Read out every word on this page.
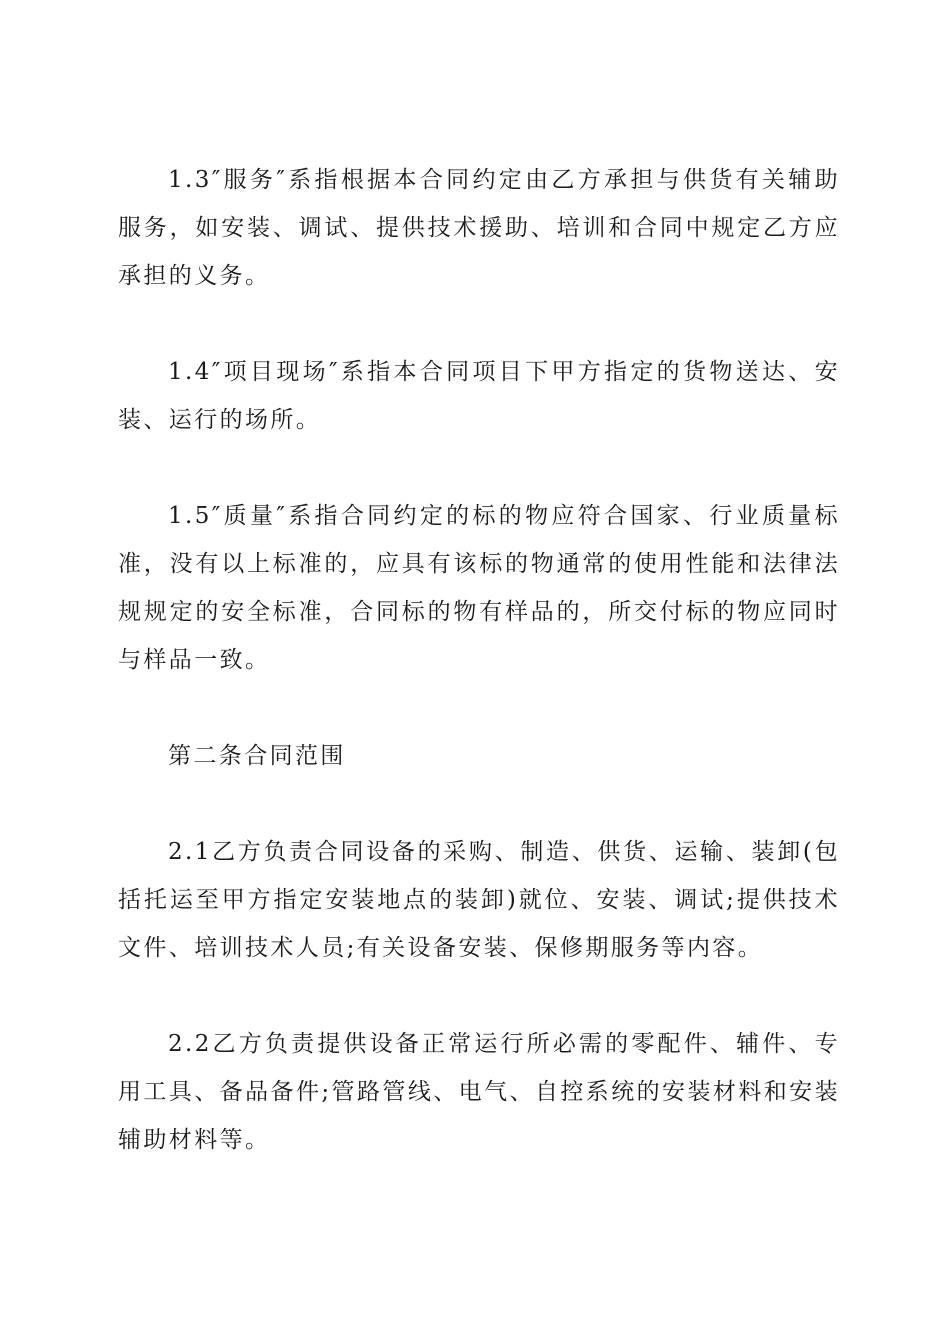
1.3″服务″系指根据本合同约定由乙方承担与供货有关辅助服务，如安装、调试、提供技术援助、培训和合同中规定乙方应承担的义务。

1.4″项目现场″系指本合同项目下甲方指定的货物送达、安装、运行的场所。

1.5″质量″系指合同约定的标的物应符合国家、行业质量标准，没有以上标准的，应具有该标的物通常的使用性能和法律法规规定的安全标准，合同标的物有样品的，所交付标的物应同时与样品一致。

第二条合同范围

2.1乙方负责合同设备的采购、制造、供货、运输、装卸(包括托运至甲方指定安装地点的装卸)就位、安装、调试;提供技术文件、培训技术人员;有关设备安装、保修期服务等内容。

2.2乙方负责提供设备正常运行所必需的零配件、辅件、专用工具、备品备件;管路管线、电气、自控系统的安装材料和安装辅助材料等。
